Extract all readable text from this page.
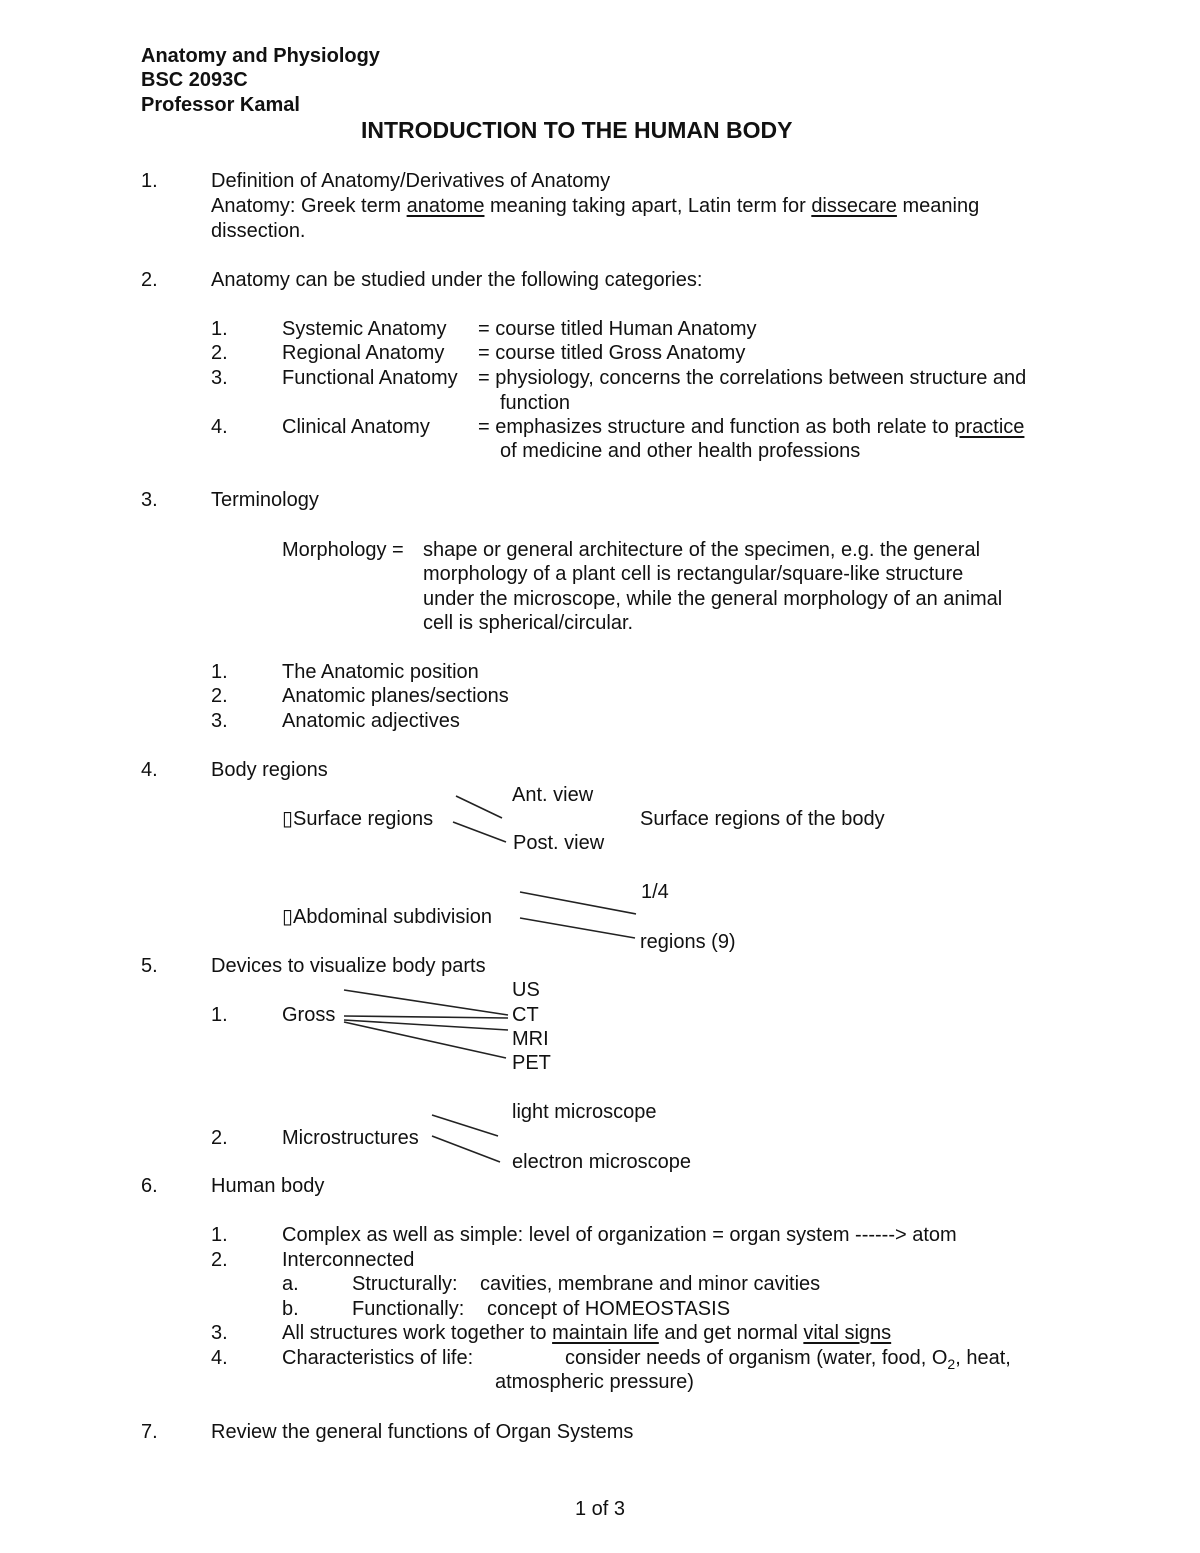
Anatomy and Physiology
BSC 2093C
Professor Kamal
INTRODUCTION TO THE HUMAN BODY
1.	Definition of Anatomy/Derivatives of Anatomy
Anatomy: Greek term anatome meaning taking apart, Latin term for dissecare meaning
dissection.
2.	Anatomy can be studied under the following categories:
1.	Systemic Anatomy = course titled Human Anatomy
2.	Regional Anatomy = course titled Gross Anatomy
3.	Functional Anatomy = physiology, concerns the correlations between structure and
function
4.	Clinical Anatomy = emphasizes structure and function as both relate to practice
of medicine and other health professions
3.	Terminology
Morphology = shape or general architecture of the specimen, e.g. the general
morphology of a plant cell is rectangular/square-like structure
under the microscope, while the general morphology of an animal
cell is spherical/circular.
1.	The Anatomic position
2.	Anatomic planes/sections
3.	Anatomic adjectives
4.	Body regions
Ant. view
▯Surface regions	Surface regions of the body
Post. view
1/4
▯Abdominal subdivision
regions (9)
5.	Devices to visualize body parts
US
1.	Gross	CT
MRI
PET
light microscope
2.	Microstructures
electron microscope
6.	Human body
1.	Complex as well as simple: level of organization = organ system ------> atom
2.	Interconnected
a.	Structurally: cavities, membrane and minor cavities
b.	Functionally: concept of HOMEOSTASIS
3.	All structures work together to maintain life and get normal vital signs
4.	Characteristics of life:	consider needs of organism (water, food, $O_2$, heat,
atmospheric pressure)
7.	Review the general functions of Organ Systems
1 of 3
